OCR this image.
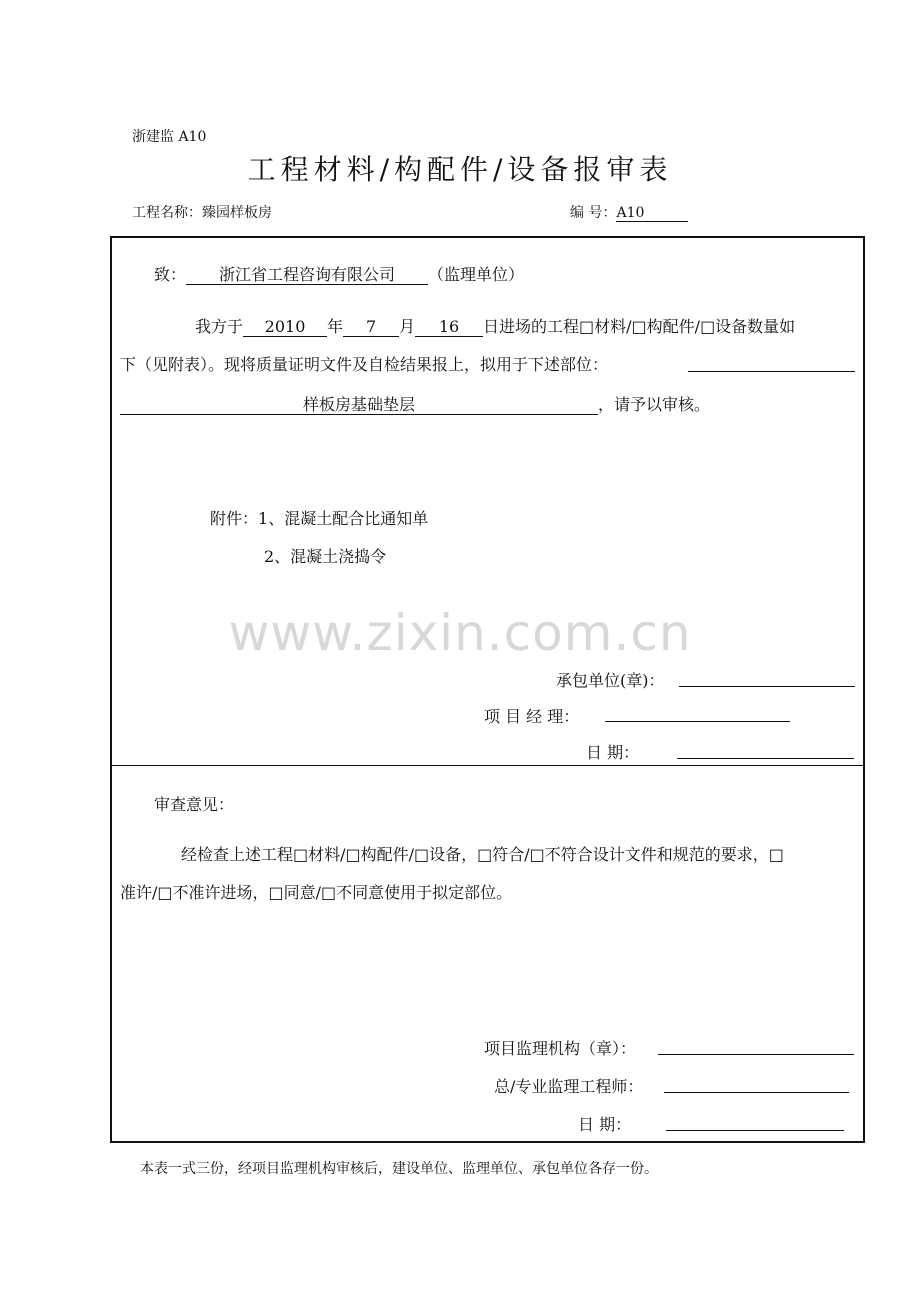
浙建监 A10
工程材料/构配件/设备报审表
工程名称：臻园样板房	编 号：A10
致： 浙江省工程咨询有限公司 （监理单位）
我方于 2010 年 7 月 16 日进场的工程□材料/□构配件/□设备数量如
下（见附表）。现将质量证明文件及自检结果报上，拟用于下述部位：
样板房基础垫层	，请予以审核。
附件：1、混凝土配合比通知单
2、混凝土浇捣令
www.zixin.com.cn
承包单位(章)：
项 目 经 理：
日 期：
审查意见：
经检查上述工程□材料/□构配件/□设备，□符合/□不符合设计文件和规范的要求，□
准许/□不准许进场，□同意/□不同意使用于拟定部位。
项目监理机构（章）：
总/专业监理工程师：
日 期：
本表一式三份，经项目监理机构审核后，建设单位、监理单位、承包单位各存一份。
